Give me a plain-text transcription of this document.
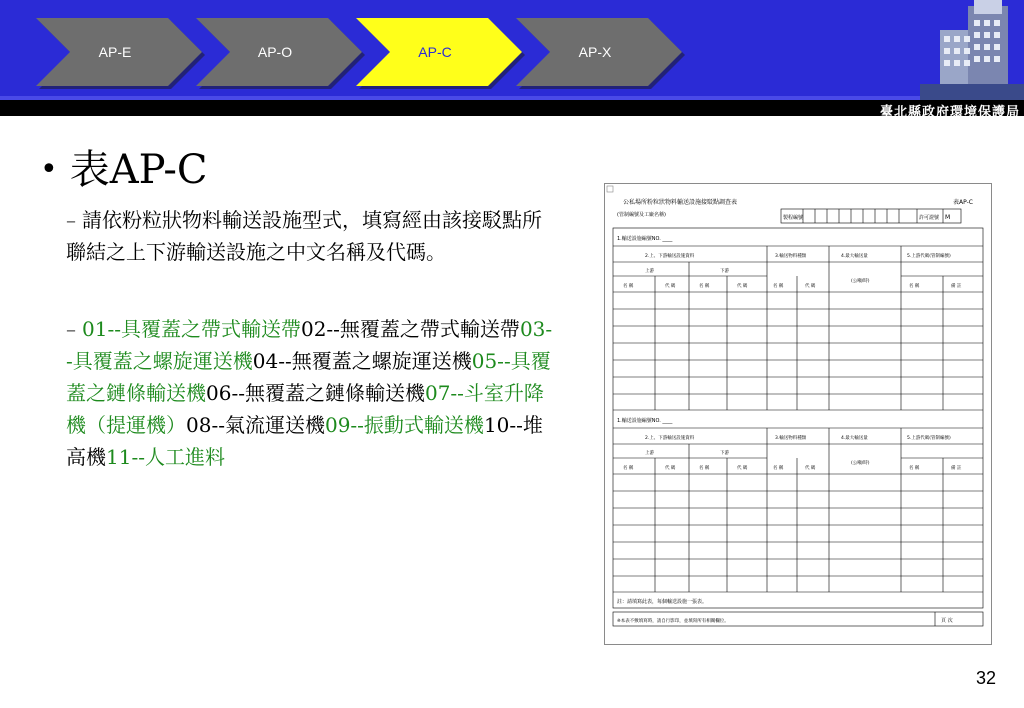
AP-E	AP-O	AP-C	AP-X
臺北縣政府環境保護局
• 表AP-C
– 請依粉粒狀物料輸送設施型式，填寫經由該接駁點所聯結之上下游輸送設施之中文名稱及代碼。
– 01--具覆蓋之帶式輸送帶02--無覆蓋之帶式輸送帶03--具覆蓋之螺旋運送機04--無覆蓋之螺旋運送機05--具覆蓋之鏈條輸送機06--無覆蓋之鏈條輸送機07--斗室升降機（提運機）08--氣流運送機09--振動式輸送機10--堆高機11--人工進料
公私場所粉粒狀物料輸送設施接駁點調查表	表AP-C
(管制編號及工廠名稱)	製程編號	許可證號 M
1.輸送設施編號NO. ____
1.輸送設施編號NO. ____
2.上、下游輸送設施資料	3.輸送物料種類	4.最大輸送量	5.上游代碼(管制編號)
上游	下游
(公噸/時)
名 稱	代 碼	名 稱	代 碼	名 稱	代 碼	名 稱	備 註
2.上、下游輸送設施資料	3.輸送物料種類	4.最大輸送量	5.上游代碼(管制編號)
上游	下游
(公噸/時)
名 稱	代 碼	名 稱	代 碼	名 稱	代 碼	名 稱	備 註
註：請填寫此表，每個輸送設施一張表。
※本表不敷填寫時，請自行影印，並填寫所有相關欄位。	頁 次
32
